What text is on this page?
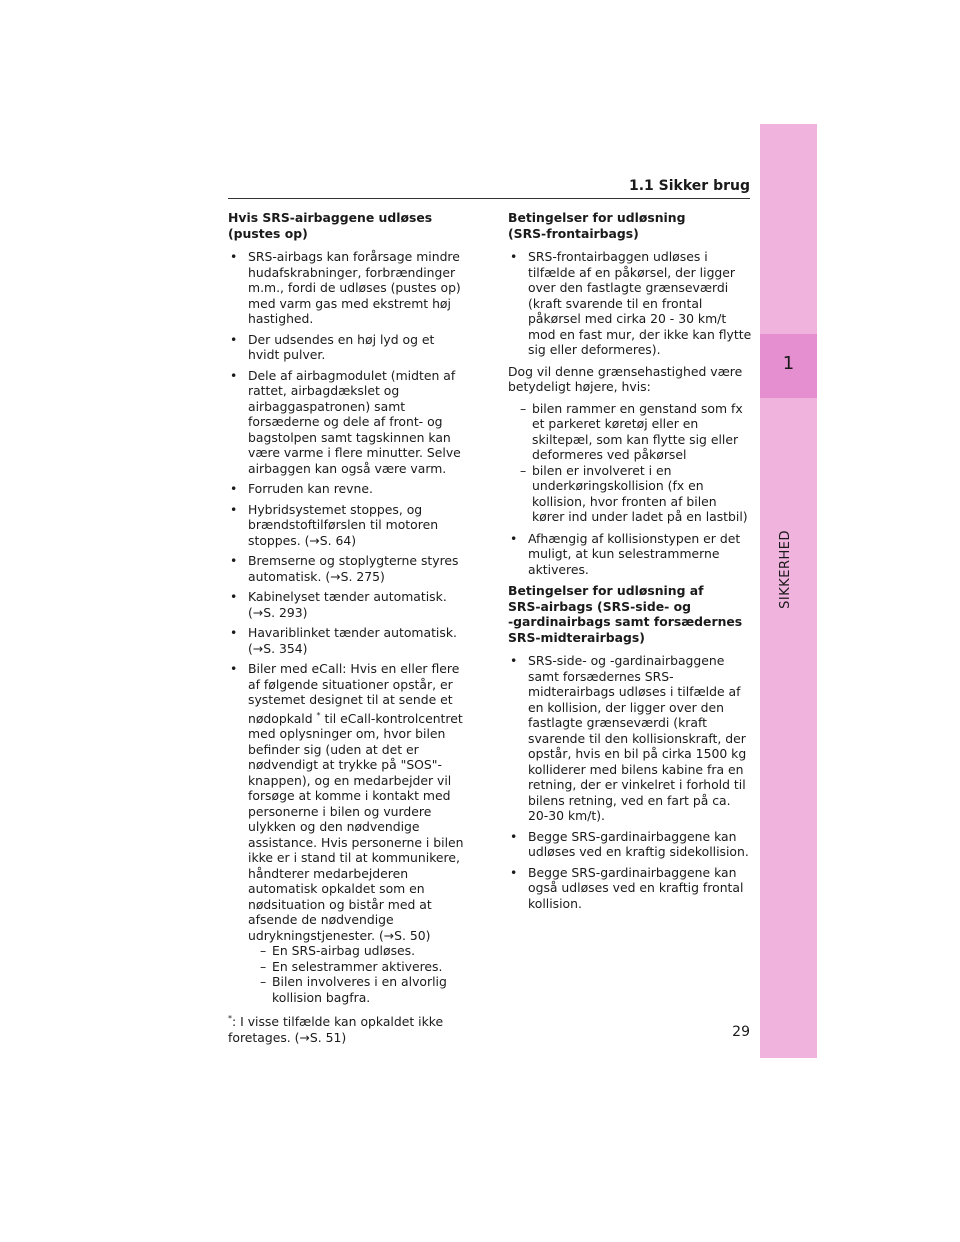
1
SIKKERHED
1.1 Sikker brug
Hvis SRS-airbaggene udløses
(pustes op)
• SRS-airbags kan forårsage mindre hudafskrabninger, forbrændinger m.m., fordi de udløses (pustes op) med varm gas med ekstremt høj hastighed.
• Der udsendes en høj lyd og et hvidt pulver.
• Dele af airbagmodulet (midten af rattet, airbagdækslet og airbaggaspatronen) samt forsæderne og dele af front- og bagstolpen samt tagskinnen kan være varme i flere minutter. Selve airbaggen kan også være varm.
• Forruden kan revne.
• Hybridsystemet stoppes, og brændstoftilførslen til motoren stoppes. (→S. 64)
• Bremserne og stoplygterne styres automatisk. (→S. 275)
• Kabinelyset tænder automatisk. (→S. 293)
• Havariblinket tænder automatisk. (→S. 354)
• Biler med eCall: Hvis en eller flere af følgende situationer opstår, er systemet designet til at sende et nødopkald * til eCall-kontrolcentret med oplysninger om, hvor bilen befinder sig (uden at det er nødvendigt at trykke på "SOS"-knappen), og en medarbejder vil forsøge at komme i kontakt med personerne i bilen og vurdere ulykken og den nødvendige assistance. Hvis personerne i bilen ikke er i stand til at kommunikere, håndterer medarbejderen automatisk opkaldet som en nødsituation og bistår med at afsende de nødvendige udrykningstjenester. (→S. 50)
– En SRS-airbag udløses.
– En selestrammer aktiveres.
– Bilen involveres i en alvorlig kollision bagfra.
*: I visse tilfælde kan opkaldet ikke foretages. (→S. 51)
Betingelser for udløsning
(SRS-frontairbags)
• SRS-frontairbaggen udløses i tilfælde af en påkørsel, der ligger over den fastlagte grænseværdi (kraft svarende til en frontal påkørsel med cirka 20 - 30 km/t mod en fast mur, der ikke kan flytte sig eller deformeres).
Dog vil denne grænsehastighed være betydeligt højere, hvis:
– bilen rammer en genstand som fx et parkeret køretøj eller en skiltepæl, som kan flytte sig eller deformeres ved påkørsel
– bilen er involveret i en underkøringskollision (fx en kollision, hvor fronten af bilen kører ind under ladet på en lastbil)
• Afhængig af kollisionstypen er det muligt, at kun selestrammerne aktiveres.
Betingelser for udløsning af
SRS-airbags (SRS-side- og
-gardinairbags samt forsædernes
SRS-midterairbags)
• SRS-side- og -gardinairbaggene samt forsædernes SRS-midterairbags udløses i tilfælde af en kollision, der ligger over den fastlagte grænseværdi (kraft svarende til den kollisionskraft, der opstår, hvis en bil på cirka 1500 kg kolliderer med bilens kabine fra en retning, der er vinkelret i forhold til bilens retning, ved en fart på ca. 20-30 km/t).
• Begge SRS-gardinairbaggene kan udløses ved en kraftig sidekollision.
• Begge SRS-gardinairbaggene kan også udløses ved en kraftig frontal kollision.
29
